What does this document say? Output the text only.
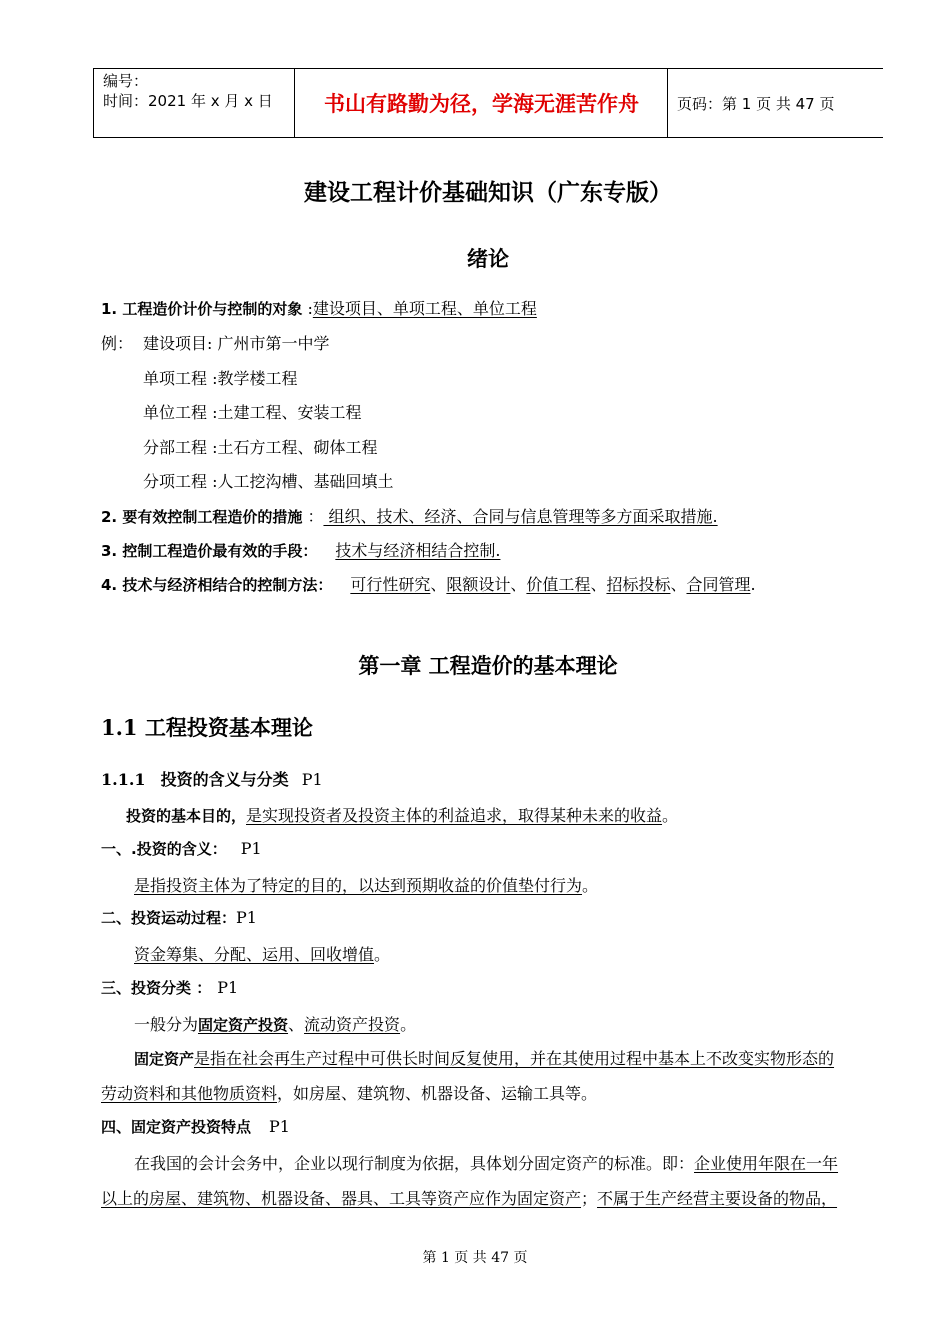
编号：
时间：2021 年 x 月 x 日	书山有路勤为径，学海无涯苦作舟	页码：第 1 页 共 47 页
建设工程计价基础知识（广东专版）
绪论
1. 工程造价计价与控制的对象 :建设项目、单项工程、单位工程
例： 建设项目: 广州市第一中学
单项工程 :教学楼工程
单位工程 :土建工程、安装工程
分部工程 :土石方工程、砌体工程
分项工程 :人工挖沟槽、基础回填土
2. 要有效控制工程造价的措施 ： 组织、技术、经济、合同与信息管理等多方面采取措施.
3. 控制工程造价最有效的手段： 技术与经济相结合控制.
4. 技术与经济相结合的控制方法： 可行性研究、限额设计、价值工程、招标投标、合同管理.
第一章 工程造价的基本理论
1.1 工程投资基本理论
1.1.1 投资的含义与分类 P1
投资的基本目的，是实现投资者及投资主体的利益追求，取得某种未来的收益。
一、.投资的含义： P1
是指投资主体为了特定的目的，以达到预期收益的价值垫付行为。
二、投资运动过程：P1
资金筹集、分配、运用、回收增值。
三、投资分类 ： P1
一般分为固定资产投资、流动资产投资。
固定资产是指在社会再生产过程中可供长时间反复使用，并在其使用过程中基本上不改变实物形态的
劳动资料和其他物质资料，如房屋、建筑物、机器设备、运输工具等。
四、固定资产投资特点 P1
在我国的会计会务中，企业以现行制度为依据，具体划分固定资产的标准。即：企业使用年限在一年
以上的房屋、建筑物、机器设备、器具、工具等资产应作为固定资产；不属于生产经营主要设备的物品，
第 1 页 共 47 页
